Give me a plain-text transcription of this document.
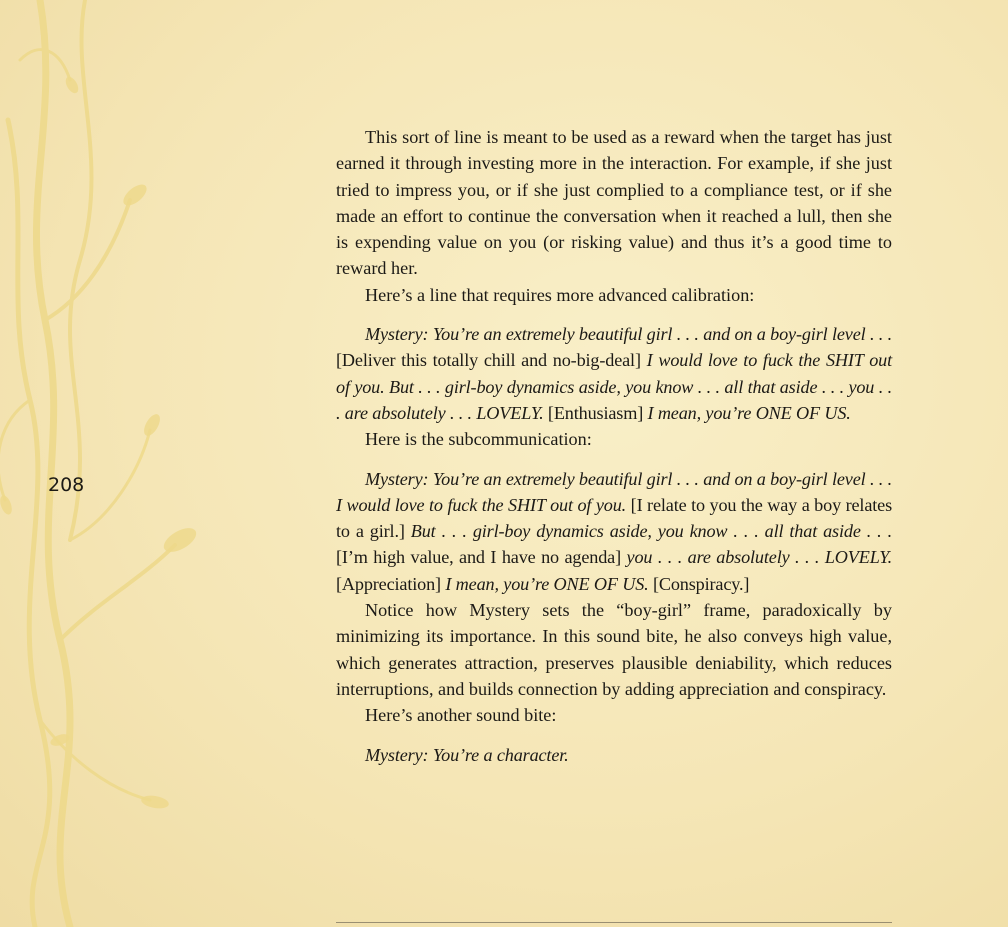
208

This sort of line is meant to be used as a reward when the target has just earned it through investing more in the interaction. For example, if she just tried to impress you, or if she just complied to a compliance test, or if she made an effort to continue the conversation when it reached a lull, then she is expending value on you (or risking value) and thus it’s a good time to reward her.

Here’s a line that requires more advanced calibration:

Mystery: You’re an extremely beautiful girl . . . and on a boy-girl level . . . [Deliver this totally chill and no-big-deal] I would love to fuck the SHIT out of you. But . . . girl-boy dynamics aside, you know . . . all that aside . . . you . . . are absolutely . . . LOVELY. [Enthusiasm] I mean, you’re ONE OF US.

Here is the subcommunication:

Mystery: You’re an extremely beautiful girl . . . and on a boy-girl level . . . I would love to fuck the SHIT out of you. [I relate to you the way a boy relates to a girl.] But . . . girl-boy dynamics aside, you know . . . all that aside . . . [I’m high value, and I have no agenda] you . . . are absolutely . . . LOVELY. [Appreciation] I mean, you’re ONE OF US. [Conspiracy.]

Notice how Mystery sets the “boy-girl” frame, paradoxically by minimizing its importance. In this sound bite, he also conveys high value, which generates attraction, preserves plausible deniability, which reduces interruptions, and builds connection by adding appreciation and conspiracy.

Here’s another sound bite:

Mystery: You’re a character.
